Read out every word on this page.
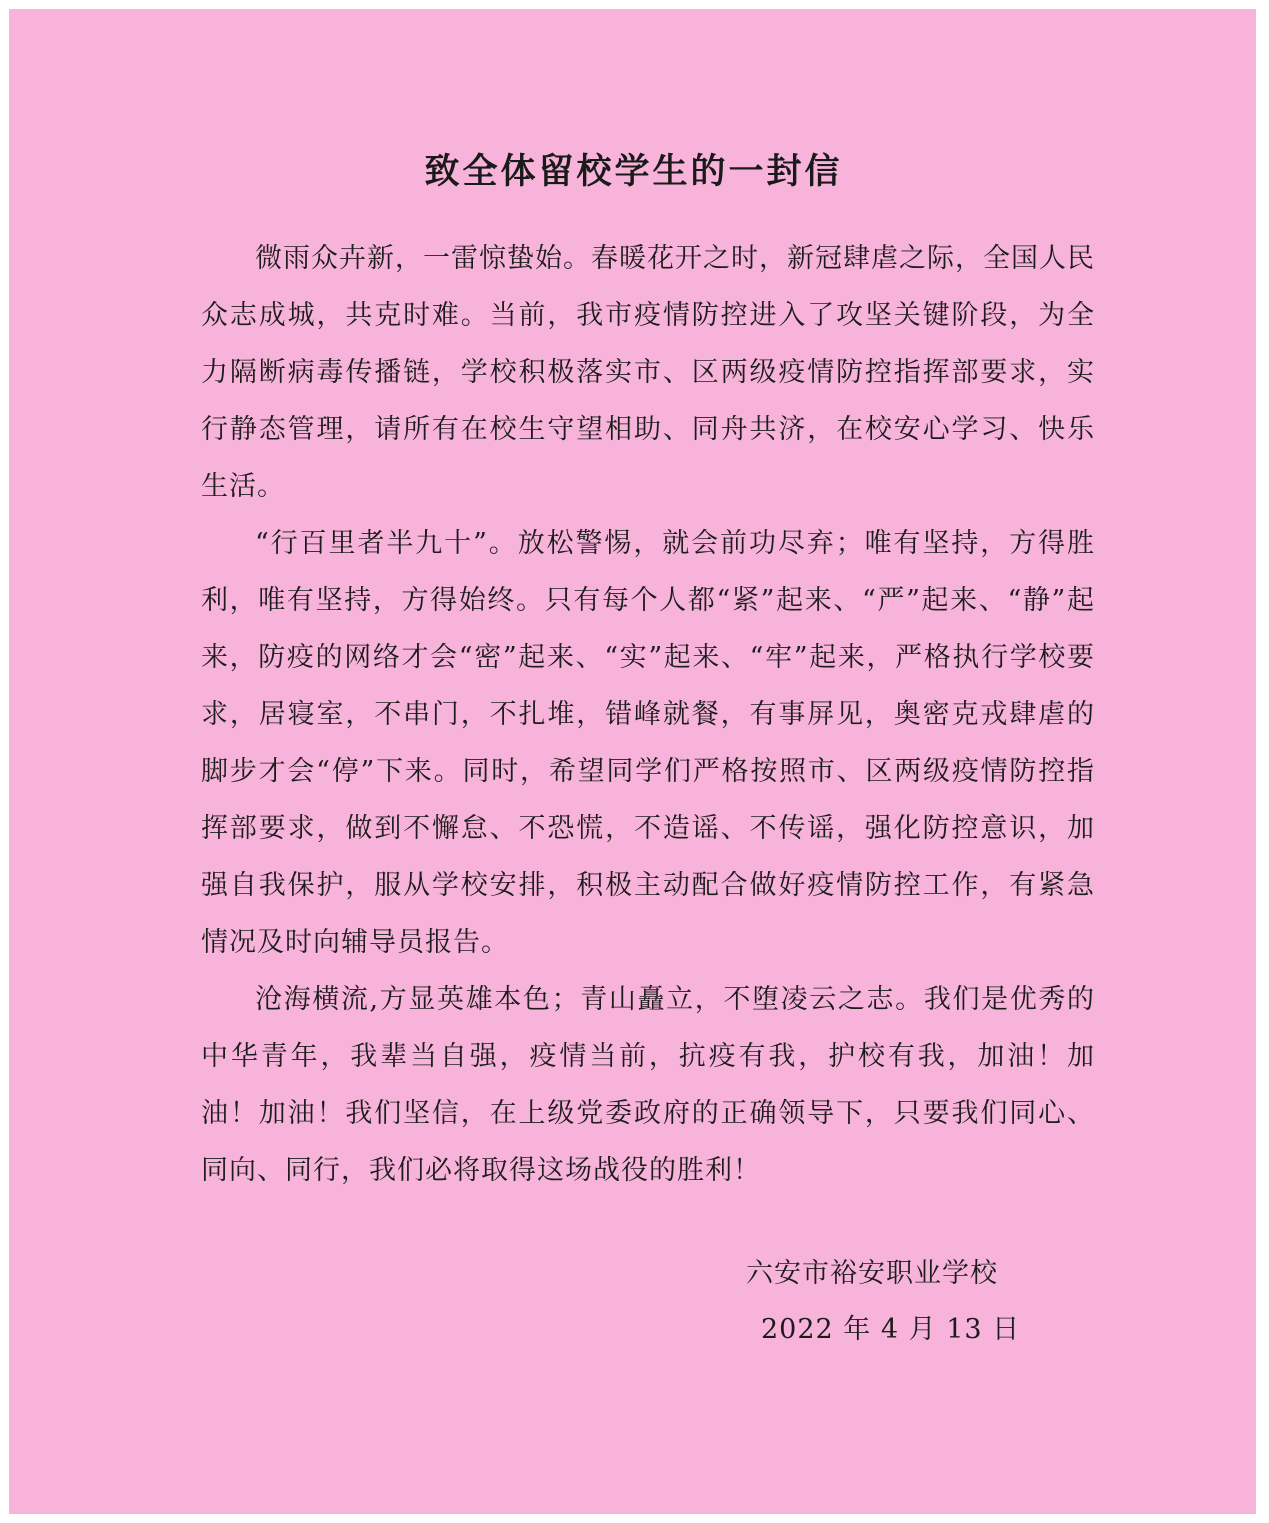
致全体留校学生的一封信

微雨众卉新，一雷惊蛰始。春暖花开之时，新冠肆虐之际，全国人民众志成城，共克时难。当前，我市疫情防控进入了攻坚关键阶段，为全力隔断病毒传播链，学校积极落实市、区两级疫情防控指挥部要求，实行静态管理，请所有在校生守望相助、同舟共济，在校安心学习、快乐生活。

“行百里者半九十”。放松警惕，就会前功尽弃；唯有坚持，方得胜利，唯有坚持，方得始终。只有每个人都“紧”起来、“严”起来、“静”起来，防疫的网络才会“密”起来、“实”起来、“牢”起来，严格执行学校要求，居寝室，不串门，不扎堆，错峰就餐，有事屏见，奥密克戎肆虐的脚步才会“停”下来。同时，希望同学们严格按照市、区两级疫情防控指挥部要求，做到不懈怠、不恐慌，不造谣、不传谣，强化防控意识，加强自我保护，服从学校安排，积极主动配合做好疫情防控工作，有紧急情况及时向辅导员报告。

沧海横流,方显英雄本色；青山矗立，不堕凌云之志。我们是优秀的中华青年，我辈当自强，疫情当前，抗疫有我，护校有我，加油！加油！加油！我们坚信，在上级党委政府的正确领导下，只要我们同心、同向、同行，我们必将取得这场战役的胜利！

六安市裕安职业学校
2022 年 4 月 13 日
